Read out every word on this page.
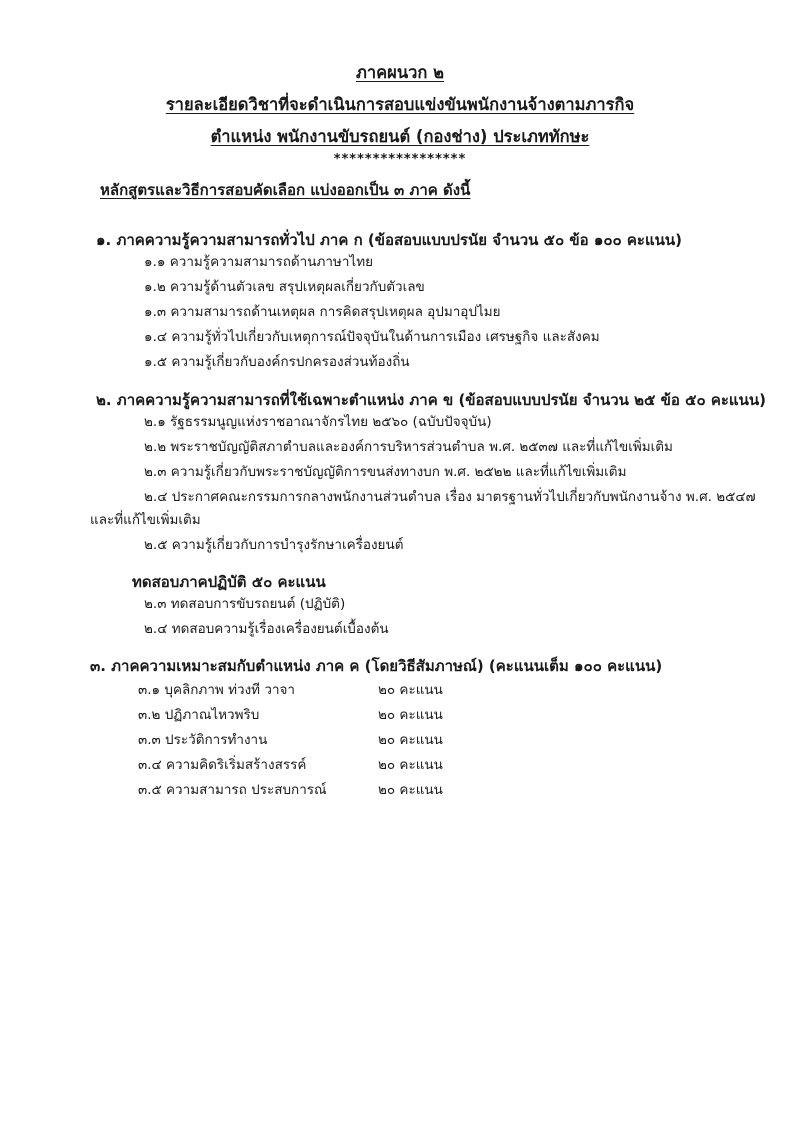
ภาคผนวก ๒
รายละเอียดวิชาที่จะดำเนินการสอบแข่งขันพนักงานจ้างตามภารกิจ
ตำแหน่ง พนักงานขับรถยนต์ (กองช่าง) ประเภททักษะ
*****************
หลักสูตรและวิธีการสอบคัดเลือก แบ่งออกเป็น ๓ ภาค ดังนี้
๑. ภาคความรู้ความสามารถทั่วไป ภาค ก (ข้อสอบแบบปรนัย จำนวน ๕๐ ข้อ ๑๐๐ คะแนน)
๑.๑ ความรู้ความสามารถด้านภาษาไทย
๑.๒ ความรู้ด้านตัวเลข สรุปเหตุผลเกี่ยวกับตัวเลข
๑.๓ ความสามารถด้านเหตุผล การคิดสรุปเหตุผล อุปมาอุปไมย
๑.๔ ความรู้ทั่วไปเกี่ยวกับเหตุการณ์ปัจจุบันในด้านการเมือง เศรษฐกิจ และสังคม
๑.๕ ความรู้เกี่ยวกับองค์กรปกครองส่วนท้องถิ่น
๒. ภาคความรู้ความสามารถที่ใช้เฉพาะตำแหน่ง ภาค ข (ข้อสอบแบบปรนัย จำนวน ๒๕ ข้อ ๕๐ คะแนน)
๒.๑ รัฐธรรมนูญแห่งราชอาณาจักรไทย ๒๕๖๐ (ฉบับปัจจุบัน)
๒.๒ พระราชบัญญัติสภาตำบลและองค์การบริหารส่วนตำบล พ.ศ. ๒๕๓๗ และที่แก้ไขเพิ่มเติม
๒.๓ ความรู้เกี่ยวกับพระราชบัญญัติการขนส่งทางบก พ.ศ. ๒๕๒๒ และที่แก้ไขเพิ่มเติม
๒.๔ ประกาศคณะกรรมการกลางพนักงานส่วนตำบล เรื่อง มาตรฐานทั่วไปเกี่ยวกับพนักงานจ้าง พ.ศ. ๒๕๔๗
และที่แก้ไขเพิ่มเติม
๒.๕ ความรู้เกี่ยวกับการบำรุงรักษาเครื่องยนต์
ทดสอบภาคปฏิบัติ ๕๐ คะแนน
๒.๓ ทดสอบการขับรถยนต์ (ปฏิบัติ)
๒.๔ ทดสอบความรู้เรื่องเครื่องยนต์เบื้องต้น
๓. ภาคความเหมาะสมกับตำแหน่ง ภาค ค (โดยวิธีสัมภาษณ์) (คะแนนเต็ม ๑๐๐ คะแนน)
๓.๑ บุคลิกภาพ ท่วงที วาจา	๒๐ คะแนน
๓.๒ ปฏิภาณไหวพริบ	๒๐ คะแนน
๓.๓ ประวัติการทำงาน	๒๐ คะแนน
๓.๔ ความคิดริเริ่มสร้างสรรค์	๒๐ คะแนน
๓.๕ ความสามารถ ประสบการณ์	๒๐ คะแนน
